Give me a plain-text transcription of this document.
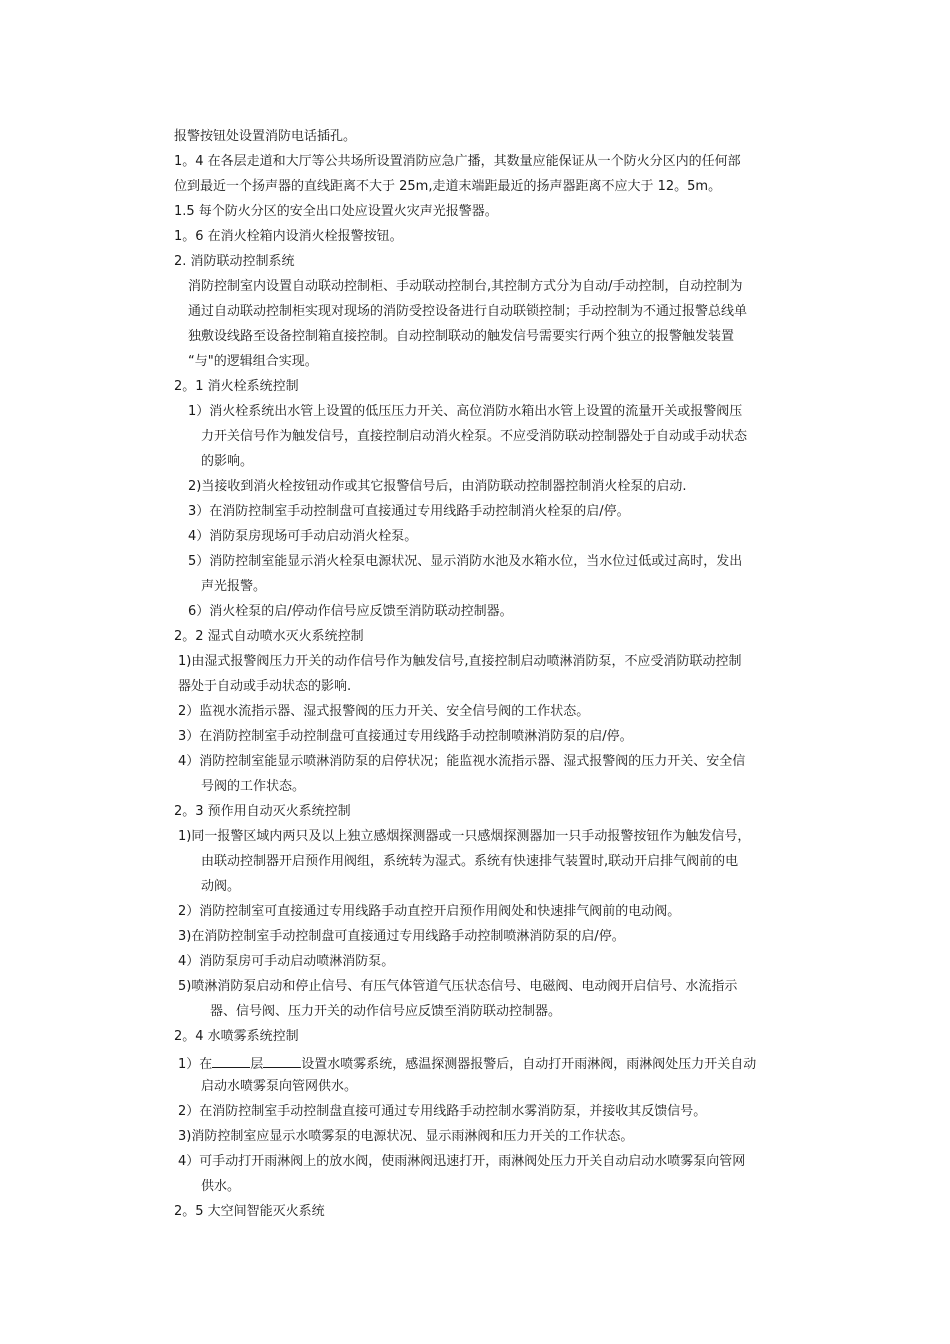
报警按钮处设置消防电话插孔。
1。4 在各层走道和大厅等公共场所设置消防应急广播，其数量应能保证从一个防火分区内的任何部
位到最近一个扬声器的直线距离不大于 25m,走道末端距最近的扬声器距离不应大于 12。5m。
1.5 每个防火分区的安全出口处应设置火灾声光报警器。
1。6 在消火栓箱内设消火栓报警按钮。
2. 消防联动控制系统
消防控制室内设置自动联动控制柜、手动联动控制台,其控制方式分为自动/手动控制，自动控制为
通过自动联动控制柜实现对现场的消防受控设备进行自动联锁控制；手动控制为不通过报警总线单
独敷设线路至设备控制箱直接控制。自动控制联动的触发信号需要实行两个独立的报警触发装置
“与"的逻辑组合实现。
2。1 消火栓系统控制
1）消火栓系统出水管上设置的低压压力开关、高位消防水箱出水管上设置的流量开关或报警阀压
力开关信号作为触发信号，直接控制启动消火栓泵。不应受消防联动控制器处于自动或手动状态
的影响。
2)当接收到消火栓按钮动作或其它报警信号后，由消防联动控制器控制消火栓泵的启动.
3）在消防控制室手动控制盘可直接通过专用线路手动控制消火栓泵的启/停。
4）消防泵房现场可手动启动消火栓泵。
5）消防控制室能显示消火栓泵电源状况、显示消防水池及水箱水位，当水位过低或过高时，发出
声光报警。
6）消火栓泵的启/停动作信号应反馈至消防联动控制器。
2。2 湿式自动喷水灭火系统控制
1)由湿式报警阀压力开关的动作信号作为触发信号,直接控制启动喷淋消防泵，不应受消防联动控制
器处于自动或手动状态的影响.
2）监视水流指示器、湿式报警阀的压力开关、安全信号阀的工作状态。
3）在消防控制室手动控制盘可直接通过专用线路手动控制喷淋消防泵的启/停。
4）消防控制室能显示喷淋消防泵的启停状况；能监视水流指示器、湿式报警阀的压力开关、安全信
号阀的工作状态。
2。3 预作用自动灭火系统控制
1)同一报警区域内两只及以上独立感烟探测器或一只感烟探测器加一只手动报警按钮作为触发信号，
由联动控制器开启预作用阀组，系统转为湿式。系统有快速排气装置时,联动开启排气阀前的电
动阀。
2）消防控制室可直接通过专用线路手动直控开启预作用阀处和快速排气阀前的电动阀。
3)在消防控制室手动控制盘可直接通过专用线路手动控制喷淋消防泵的启/停。
4）消防泵房可手动启动喷淋消防泵。
5)喷淋消防泵启动和停止信号、有压气体管道气压状态信号、电磁阀、电动阀开启信号、水流指示
器、信号阀、压力开关的动作信号应反馈至消防联动控制器。
2。4 水喷雾系统控制
1）在	层	设置水喷雾系统，感温探测器报警后，自动打开雨淋阀，雨淋阀处压力开关自动
启动水喷雾泵向管网供水。
2）在消防控制室手动控制盘直接可通过专用线路手动控制水雾消防泵，并接收其反馈信号。
3)消防控制室应显示水喷雾泵的电源状况、显示雨淋阀和压力开关的工作状态。
4）可手动打开雨淋阀上的放水阀，使雨淋阀迅速打开，雨淋阀处压力开关自动启动水喷雾泵向管网
供水。
2。5 大空间智能灭火系统
